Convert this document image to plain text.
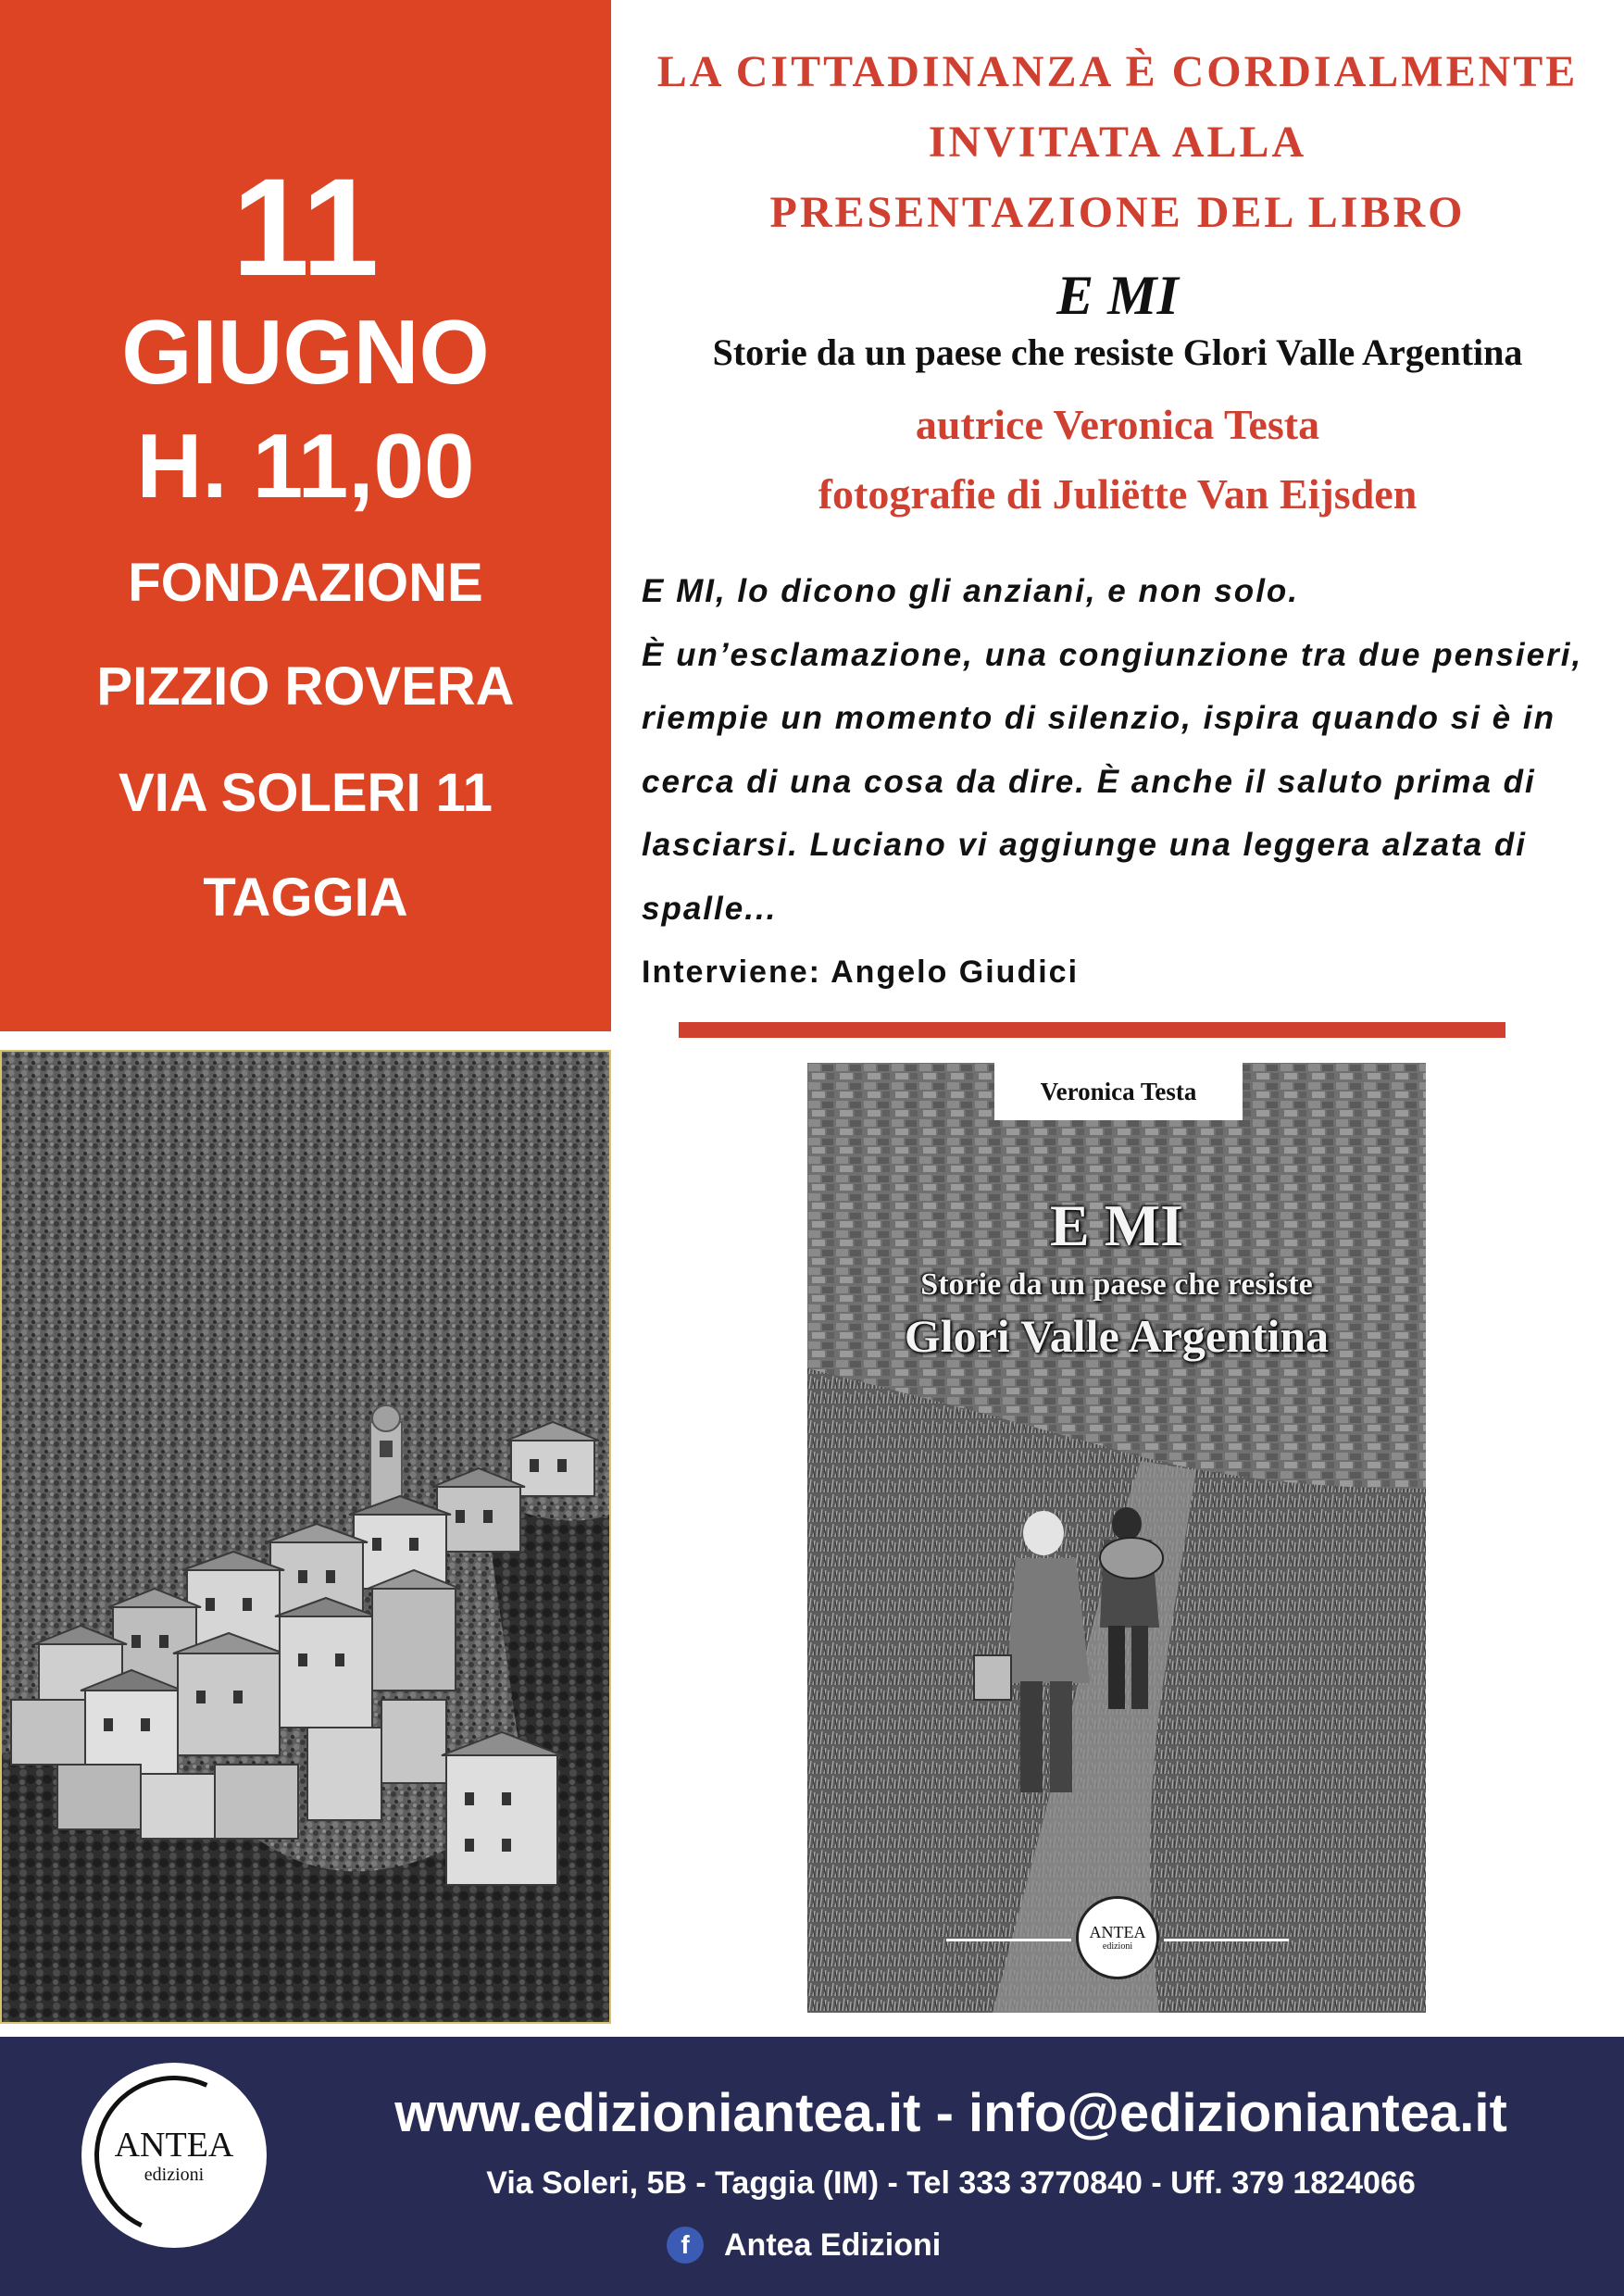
11
GIUGNO
H. 11,00
FONDAZIONE
PIZZIO ROVERA
VIA SOLERI 11
TAGGIA
LA CITTADINANZA È CORDIALMENTE
INVITATA ALLA
PRESENTAZIONE DEL LIBRO
E MI
Storie da un paese che resiste Glori Valle Argentina
autrice Veronica Testa
fotografie di Juliëtte Van Eijsden

E MI, lo dicono gli anziani, e non solo.

È un’esclamazione, una congiunzione tra due pensieri, riempie un momento di silenzio, ispira quando si è in cerca di una cosa da dire. È anche il saluto prima di lasciarsi. Luciano vi aggiunge una leggera alzata di spalle...

Interviene: Angelo Giudici
Veronica Testa
E MI
Storie da un paese che resiste
Glori Valle Argentina
ANTEA
edizioni
ANTEA
edizioni
www.edizioniantea.it - info@edizioniantea.it
Via Soleri, 5B - Taggia (IM) - Tel 333 3770840 - Uff. 379 1824066
f	Antea Edizioni
